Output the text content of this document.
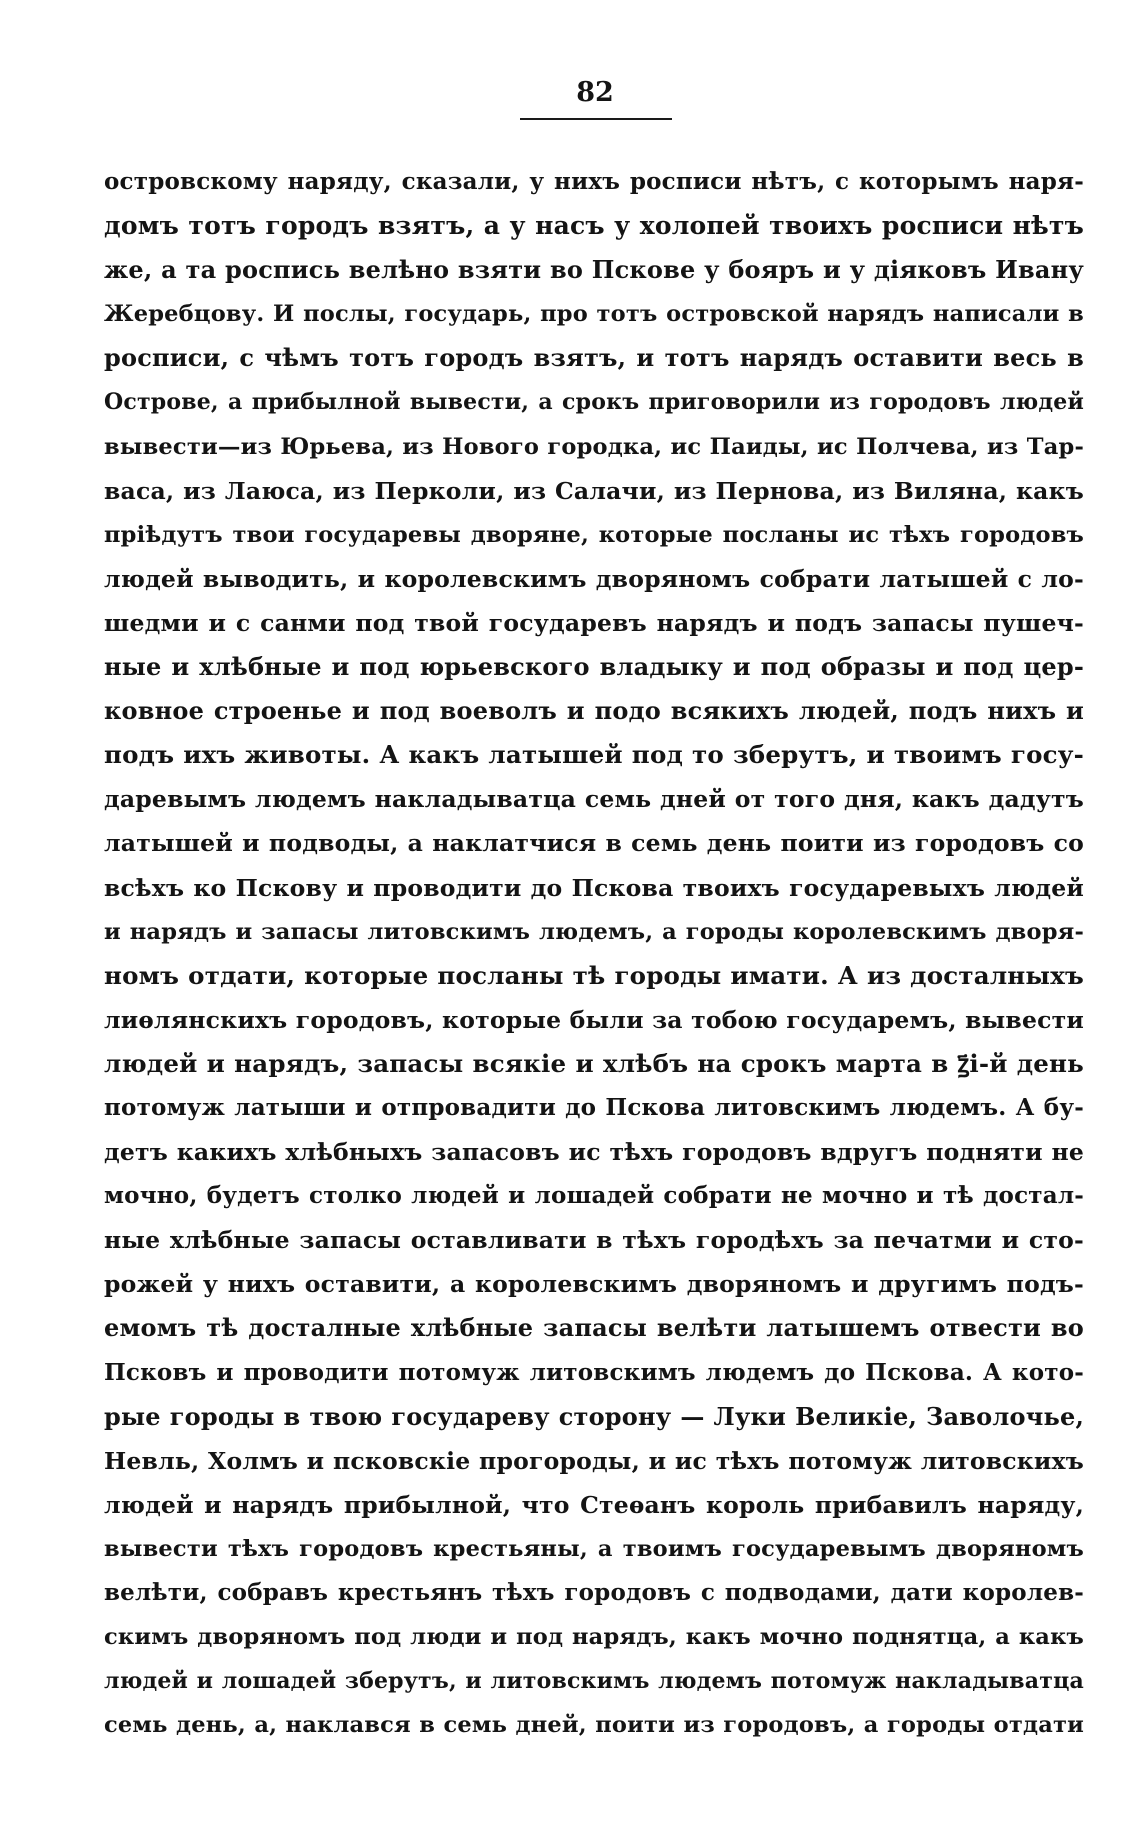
82
островскому наряду, сказали, у нихъ росписи нѣтъ, с которымъ наря-
домъ тотъ городъ взятъ, а у насъ у холопей твоихъ росписи нѣтъ
же, а та роспись велѣно взяти во Пскове у бояръ и у діяковъ Ивану
Жеребцову. И послы, государь, про тотъ островской нарядъ написали в
росписи, с чѣмъ тотъ городъ взятъ, и тотъ нарядъ оставити весь в
Острове, а прибылной вывести, а срокъ приговорили из городовъ людей
вывести—из Юрьева, из Нового городка, ис Паиды, ис Полчева, из Тар-
васа, из Лаюса, из Перколи, из Салачи, из Пернова, из Виляна, какъ
пріѣдутъ твои государевы дворяне, которые посланы ис тѣхъ городовъ
людей выводить, и королевскимъ дворяномъ собрати латышей с ло-
шедми и с санми под твой государевъ нарядъ и подъ запасы пушеч-
ные и хлѣбные и под юрьевского владыку и под образы и под цер-
ковное строенье и под воеволъ и подо всякихъ людей, подъ нихъ и
подъ ихъ животы. А какъ латышей под то зберутъ, и твоимъ госу-
даревымъ людемъ накладыватца семь дней от того дня, какъ дадутъ
латышей и подводы, а наклатчися в семь день поити из городовъ со
всѣхъ ко Пскову и проводити до Пскова твоихъ государевыхъ людей
и нарядъ и запасы литовскимъ людемъ, а городы королевскимъ дворя-
номъ отдати, которые посланы тѣ городы имати. А из досталныхъ
лиѳлянскихъ городовъ, которые были за тобою государемъ, вывести
людей и нарядъ, запасы всякіе и хлѣбъ на срокъ марта в ꙁ҃і-й день
потомуж латыши и отпровадити до Пскова литовскимъ людемъ. А бу-
детъ какихъ хлѣбныхъ запасовъ ис тѣхъ городовъ вдругъ подняти не
мочно, будетъ столко людей и лошадей собрати не мочно и тѣ достал-
ные хлѣбные запасы оставливати в тѣхъ городѣхъ за печатми и сто-
рожей у нихъ оставити, а королевскимъ дворяномъ и другимъ подъ-
емомъ тѣ досталные хлѣбные запасы велѣти латышемъ отвести во
Псковъ и проводити потомуж литовскимъ людемъ до Пскова. А кото-
рые городы в твою государеву сторону — Луки Великіе, Заволочье,
Невль, Холмъ и псковскіе прогороды, и ис тѣхъ потомуж литовскихъ
людей и нарядъ прибылной, что Стеѳанъ король прибавилъ наряду,
вывести тѣхъ городовъ крестьяны, а твоимъ государевымъ дворяномъ
велѣти, собравъ крестьянъ тѣхъ городовъ с подводами, дати королев-
скимъ дворяномъ под люди и под нарядъ, какъ мочно поднятца, а какъ
людей и лошадей зберутъ, и литовскимъ людемъ потомуж накладыватца
семь день, а, наклався в семь дней, поити из городовъ, а городы отдати
